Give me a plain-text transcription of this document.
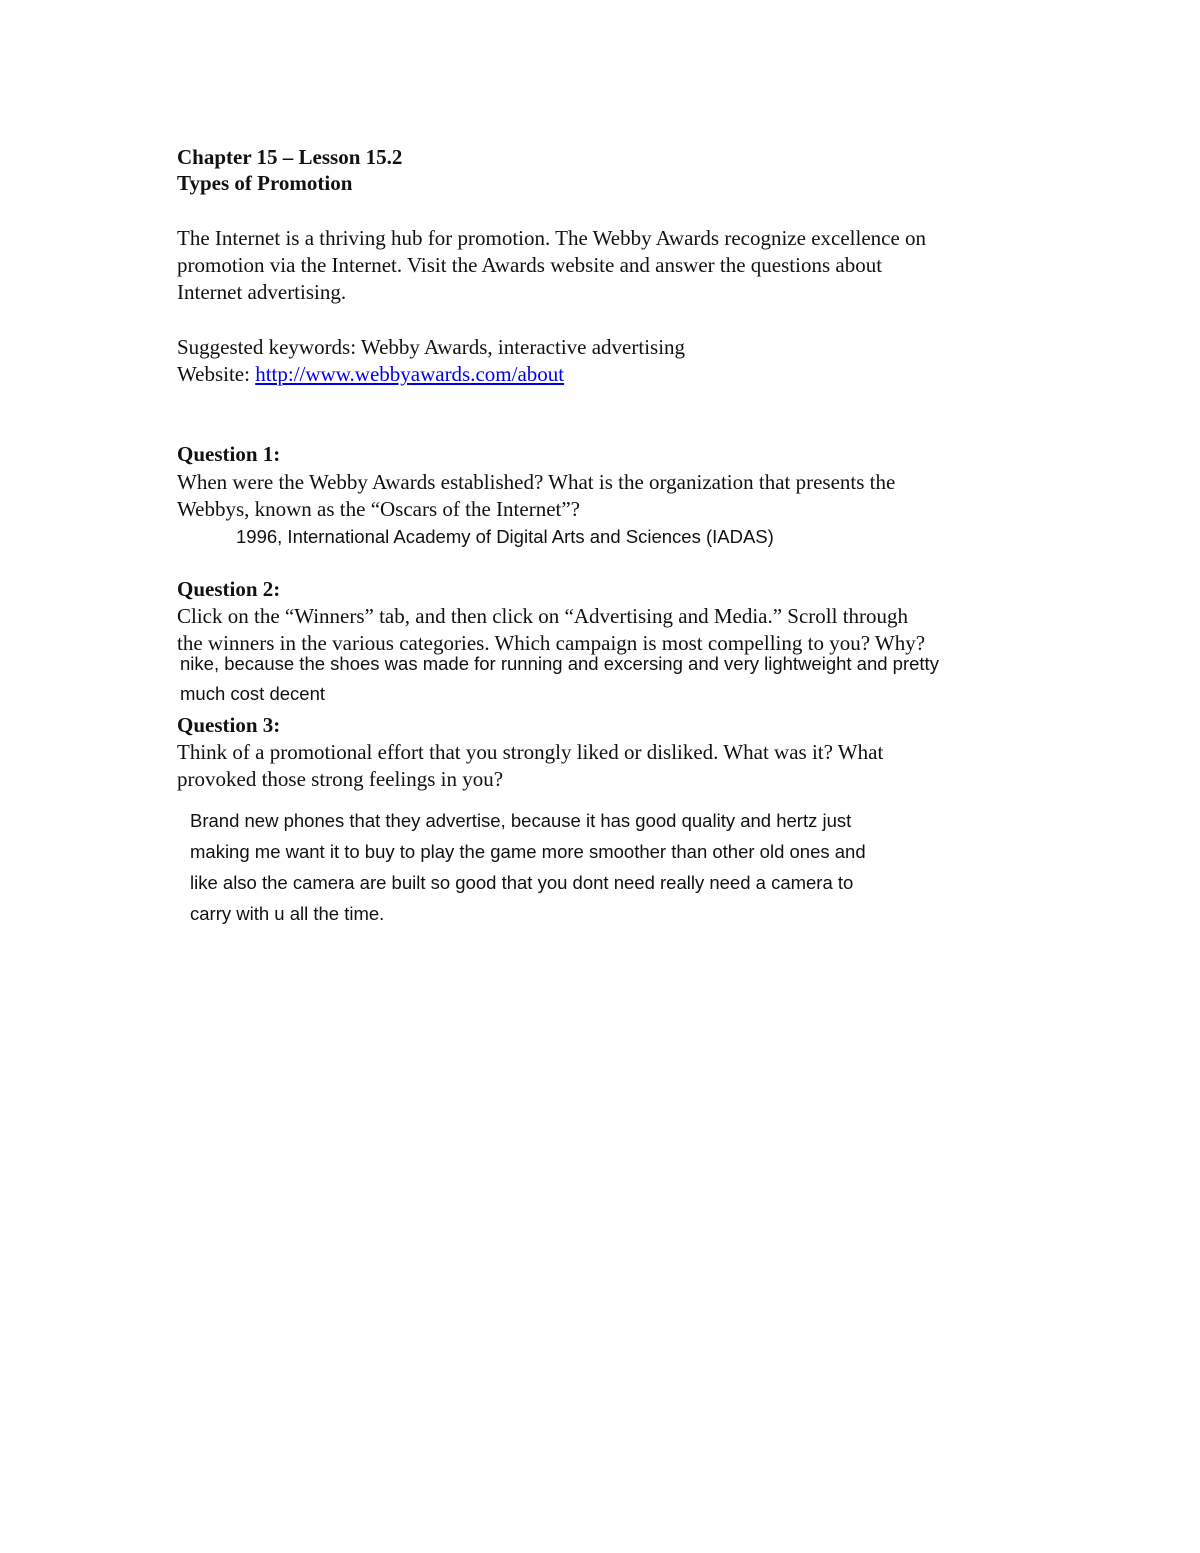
Chapter 15 – Lesson 15.2
Types of Promotion
The Internet is a thriving hub for promotion. The Webby Awards recognize excellence on
promotion via the Internet. Visit the Awards website and answer the questions about
Internet advertising.
Suggested keywords: Webby Awards, interactive advertising
Website: http://www.webbyawards.com/about
Question 1:
When were the Webby Awards established? What is the organization that presents the
Webbys, known as the “Oscars of the Internet”?
1996, International Academy of Digital Arts and Sciences (IADAS)
Question 2:
Click on the “Winners” tab, and then click on “Advertising and Media.” Scroll through
the winners in the various categories. Which campaign is most compelling to you? Why?
nike, because the shoes was made for running and excersing and very lightweight and pretty
much cost decent
Question 3:
Think of a promotional effort that you strongly liked or disliked. What was it? What
provoked those strong feelings in you?
Brand new phones that they advertise, because it has good quality and hertz just
making me want it to buy to play the game more smoother than other old ones and
like also the camera are built so good that you dont need really need a camera to
carry with u all the time.
